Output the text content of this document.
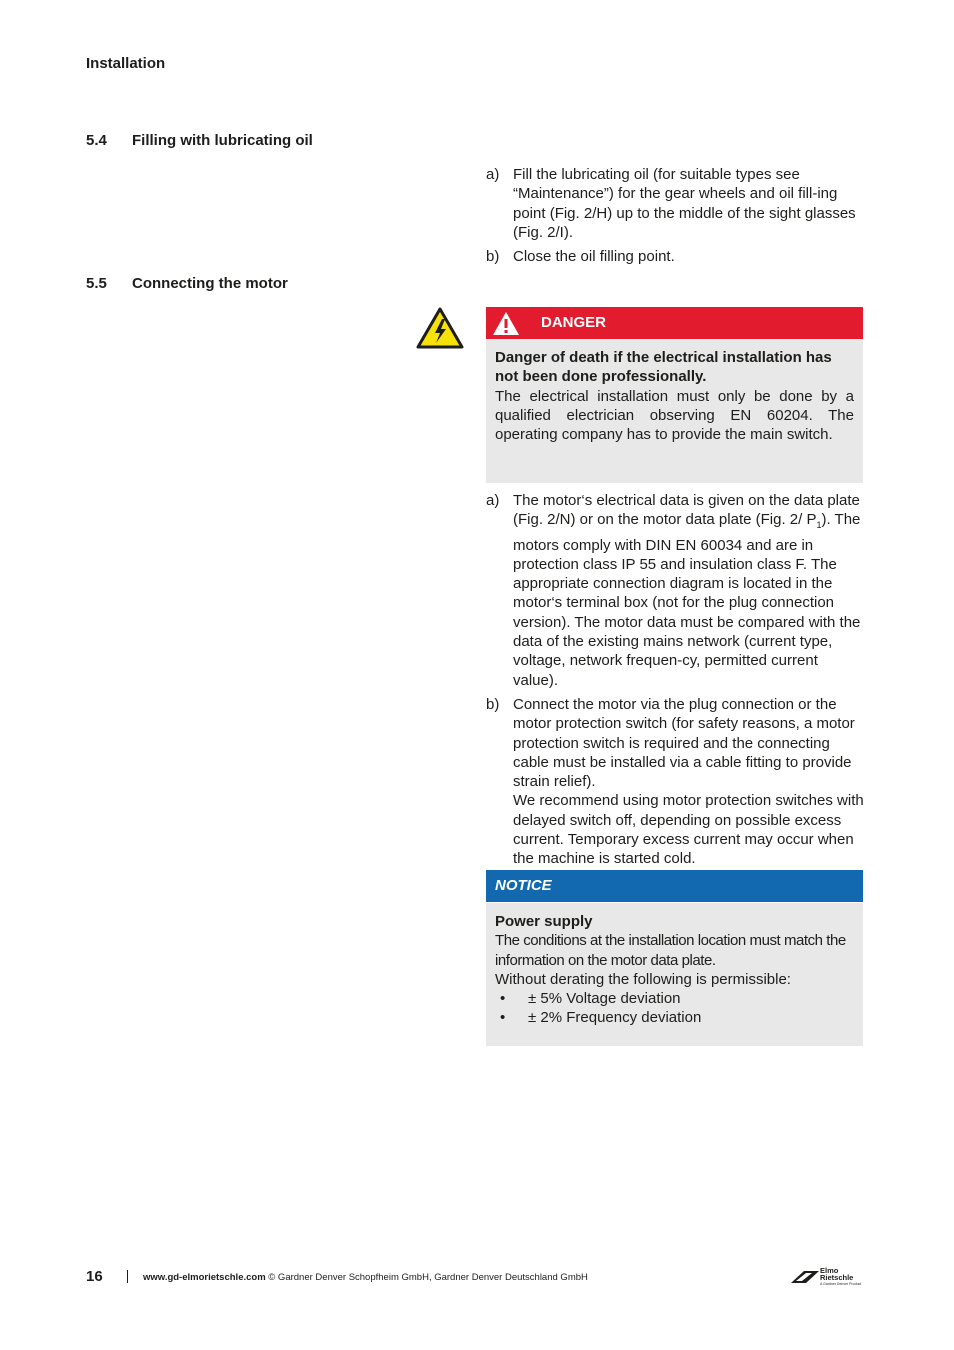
Installation
5.4 Filling with lubricating oil
a) Fill the lubricating oil (for suitable types see “Maintenance”) for the gear wheels and oil fill-ing point (Fig. 2/H) up to the middle of the sight glasses (Fig. 2/I).
b) Close the oil filling point.
5.5 Connecting the motor
DANGER
Danger of death if the electrical installation has not been done professionally.
The electrical installation must only be done by a qualified electrician observing EN 60204. The operating company has to provide the main switch.
a) The motor‘s electrical data is given on the data plate (Fig. 2/N) or on the motor data plate (Fig. 2/ $P_1$). The motors comply with DIN EN 60034 and are in protection class IP 55 and insulation class F. The appropriate connection diagram is located in the motor‘s terminal box (not for the plug connection version). The motor data must be compared with the data of the existing mains network (current type, voltage, network frequen-cy, permitted current value).
b) Connect the motor via the plug connection or the motor protection switch (for safety reasons, a motor protection switch is required and the connecting cable must be installed via a cable fitting to provide strain relief).
We recommend using motor protection switches with delayed switch off, depending on possible excess current. Temporary excess current may occur when the machine is started cold.
NOTICE
Power supply
The conditions at the installation location must match the information on the motor data plate.
Without derating the following is permissible:
•	± 5% Voltage deviation
•	± 2% Frequency deviation
16	www.gd-elmorietschle.com © Gardner Denver Schopfheim GmbH, Gardner Denver Deutschland GmbH
Elmo
Rietschle
A Gardner Denver Product
